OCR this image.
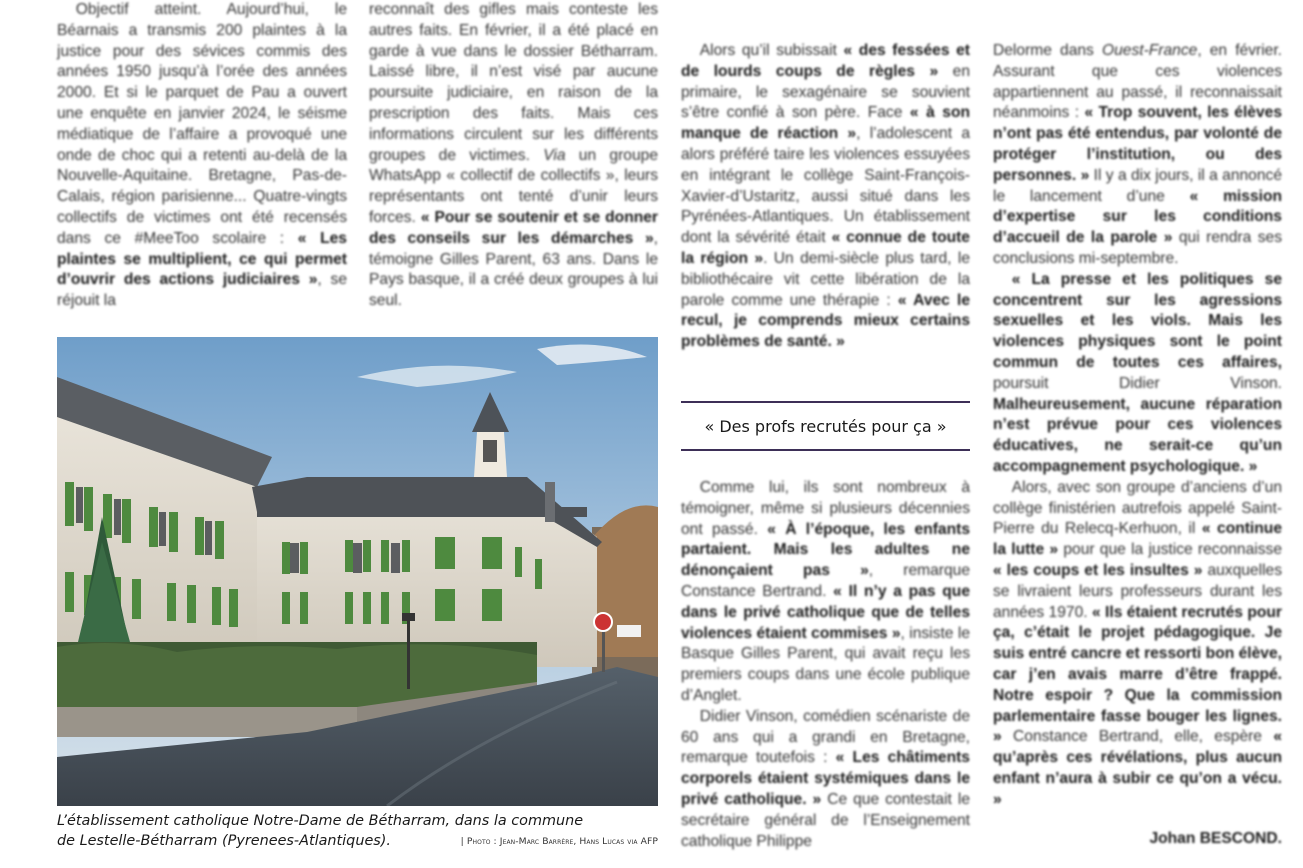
Objectif atteint. Aujourd’hui, le Béarnais a transmis 200 plaintes à la justice pour des sévices commis des années 1950 jusqu’à l’orée des années 2000. Et si le parquet de Pau a ouvert une enquête en janvier 2024, le séisme médiatique de l’affaire a provoqué une onde de choc qui a retenti au-delà de la Nouvelle-Aquitaine. Bretagne, Pas-de-Calais, région parisienne... Quatre-vingts collectifs de victimes ont été recensés dans ce #MeeToo scolaire : « Les plaintes se multiplient, ce qui permet d’ouvrir des actions judiciaires », se réjouit la

reconnaît des gifles mais conteste les autres faits. En février, il a été placé en garde à vue dans le dossier Bétharram. Laissé libre, il n’est visé par aucune poursuite judiciaire, en raison de la prescription des faits. Mais ces informations circulent sur les différents groupes de victimes. Via un groupe WhatsApp « collectif de collectifs », leurs représentants ont tenté d’unir leurs forces. « Pour se soutenir et se donner des conseils sur les démarches », témoigne Gilles Parent, 63 ans. Dans le Pays basque, il a créé deux groupes à lui seul.

L’établissement catholique Notre-Dame de Bétharram, dans la commune
de Lestelle-Bétharram (Pyrenees-Atlantiques).	| Photo : Jean-Marc Barrère, Hans Lucas via AFP

Alors qu’il subissait « des fessées et de lourds coups de règles » en primaire, le sexagénaire se souvient s’être confié à son père. Face « à son manque de réaction », l’adolescent a alors préféré taire les violences essuyées en intégrant le collège Saint-François-Xavier-d’Ustaritz, aussi situé dans les Pyrénées-Atlantiques. Un établissement dont la sévérité était « connue de toute la région ». Un demi-siècle plus tard, le bibliothécaire vit cette libération de la parole comme une thérapie : « Avec le recul, je comprends mieux certains problèmes de santé. »

« Des profs recrutés pour ça »

Comme lui, ils sont nombreux à témoigner, même si plusieurs décennies ont passé. « À l’époque, les enfants partaient. Mais les adultes ne dénonçaient pas », remarque Constance Bertrand. « Il n’y a pas que dans le privé catholique que de telles violences étaient commises », insiste le Basque Gilles Parent, qui avait reçu les premiers coups dans une école publique d’Anglet.

Didier Vinson, comédien scénariste de 60 ans qui a grandi en Bretagne, remarque toutefois : « Les châtiments corporels étaient systémiques dans le privé catholique. » Ce que contestait le secrétaire général de l’Enseignement catholique Philippe

Delorme dans Ouest-France, en février. Assurant que ces violences appartiennent au passé, il reconnaissait néanmoins : « Trop souvent, les élèves n’ont pas été entendus, par volonté de protéger l’institution, ou des personnes. » Il y a dix jours, il a annoncé le lancement d’une « mission d’expertise sur les conditions d’accueil de la parole » qui rendra ses conclusions mi-septembre.

« La presse et les politiques se concentrent sur les agressions sexuelles et les viols. Mais les violences physiques sont le point commun de toutes ces affaires, poursuit Didier Vinson. Malheureusement, aucune réparation n’est prévue pour ces violences éducatives, ne serait-ce qu’un accompagnement psychologique. »

Alors, avec son groupe d’anciens d’un collège finistérien autrefois appelé Saint-Pierre du Relecq-Kerhuon, il « continue la lutte » pour que la justice reconnaisse « les coups et les insultes » auxquelles se livraient leurs professeurs durant les années 1970. « Ils étaient recrutés pour ça, c’était le projet pédagogique. Je suis entré cancre et ressorti bon élève, car j’en avais marre d’être frappé. Notre espoir ? Que la commission parlementaire fasse bouger les lignes. » Constance Bertrand, elle, espère « qu’après ces révélations, plus aucun enfant n’aura à subir ce qu’on a vécu. »

Johan BESCOND.
